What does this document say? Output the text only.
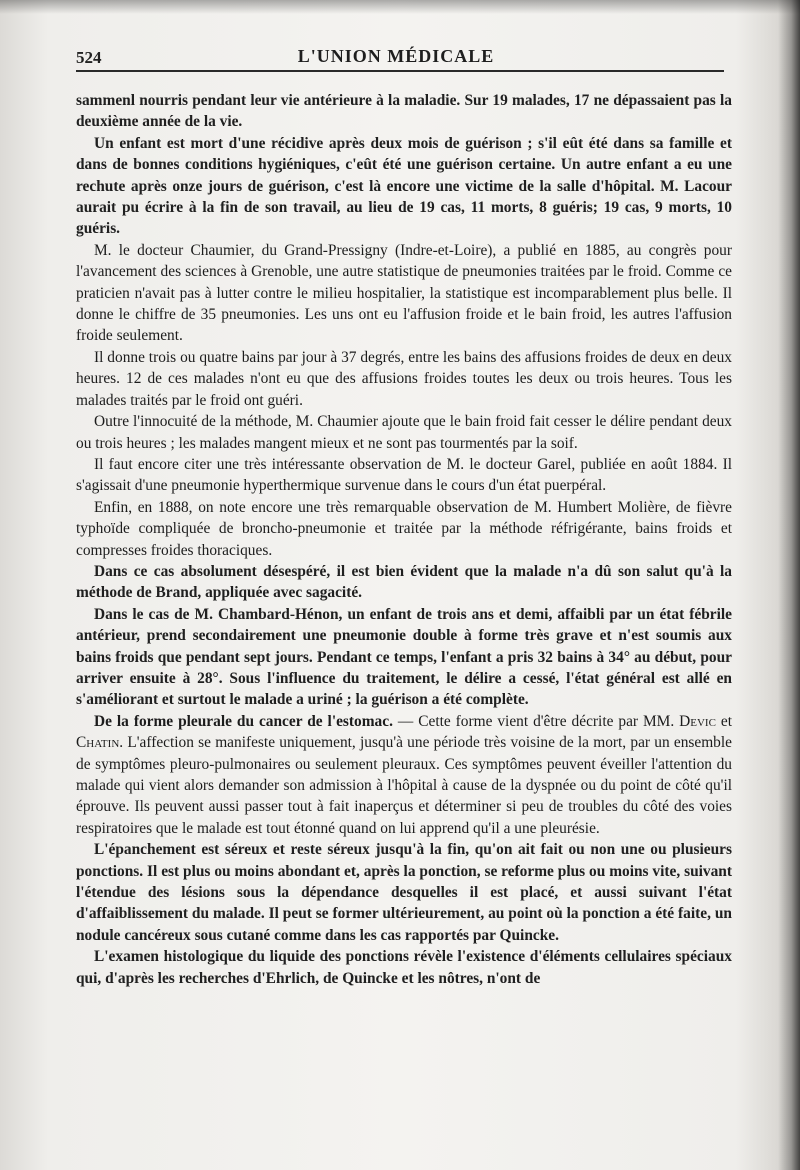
524	L'UNION MÉDICALE

sammenl nourris pendant leur vie antérieure à la maladie. Sur 19 malades, 17 ne dépassaient pas la deuxième année de la vie.

Un enfant est mort d'une récidive après deux mois de guérison ; s'il eût été dans sa famille et dans de bonnes conditions hygiéniques, c'eût été une guérison certaine. Un autre enfant a eu une rechute après onze jours de guérison, c'est là encore une victime de la salle d'hôpital. M. Lacour aurait pu écrire à la fin de son travail, au lieu de 19 cas, 11 morts, 8 guéris; 19 cas, 9 morts, 10 guéris.

M. le docteur Chaumier, du Grand-Pressigny (Indre-et-Loire), a publié en 1885, au congrès pour l'avancement des sciences à Grenoble, une autre statistique de pneumonies traitées par le froid. Comme ce praticien n'avait pas à lutter contre le milieu hospitalier, la statistique est incomparablement plus belle. Il donne le chiffre de 35 pneumonies. Les uns ont eu l'affusion froide et le bain froid, les autres l'affusion froide seulement.

Il donne trois ou quatre bains par jour à 37 degrés, entre les bains des affusions froides de deux en deux heures. 12 de ces malades n'ont eu que des affusions froides toutes les deux ou trois heures. Tous les malades traités par le froid ont guéri.

Outre l'innocuité de la méthode, M. Chaumier ajoute que le bain froid fait cesser le délire pendant deux ou trois heures ; les malades mangent mieux et ne sont pas tourmentés par la soif.

Il faut encore citer une très intéressante observation de M. le docteur Garel, publiée en août 1884. Il s'agissait d'une pneumonie hyperthermique survenue dans le cours d'un état puerpéral.

Enfin, en 1888, on note encore une très remarquable observation de M. Humbert Molière, de fièvre typhoïde compliquée de broncho-pneumonie et traitée par la méthode réfrigérante, bains froids et compresses froides thoraciques.

Dans ce cas absolument désespéré, il est bien évident que la malade n'a dû son salut qu'à la méthode de Brand, appliquée avec sagacité.

Dans le cas de M. Chambard-Hénon, un enfant de trois ans et demi, affaibli par un état fébrile antérieur, prend secondairement une pneumonie double à forme très grave et n'est soumis aux bains froids que pendant sept jours. Pendant ce temps, l'enfant a pris 32 bains à 34° au début, pour arriver ensuite à 28°. Sous l'influence du traitement, le délire a cessé, l'état général est allé en s'améliorant et surtout le malade a uriné ; la guérison a été complète.

De la forme pleurale du cancer de l'estomac. — Cette forme vient d'être décrite par MM. Devic et Chatin. L'affection se manifeste uniquement, jusqu'à une période très voisine de la mort, par un ensemble de symptômes pleuro-pulmonaires ou seulement pleuraux. Ces symptômes peuvent éveiller l'attention du malade qui vient alors demander son admission à l'hôpital à cause de la dyspnée ou du point de côté qu'il éprouve. Ils peuvent aussi passer tout à fait inaperçus et déterminer si peu de troubles du côté des voies respiratoires que le malade est tout étonné quand on lui apprend qu'il a une pleurésie.

L'épanchement est séreux et reste séreux jusqu'à la fin, qu'on ait fait ou non une ou plusieurs ponctions. Il est plus ou moins abondant et, après la ponction, se reforme plus ou moins vite, suivant l'étendue des lésions sous la dépendance desquelles il est placé, et aussi suivant l'état d'affaiblissement du malade. Il peut se former ultérieurement, au point où la ponction a été faite, un nodule cancéreux sous cutané comme dans les cas rapportés par Quincke.

L'examen histologique du liquide des ponctions révèle l'existence d'éléments cellulaires spéciaux qui, d'après les recherches d'Ehrlich, de Quincke et les nôtres, n'ont de
